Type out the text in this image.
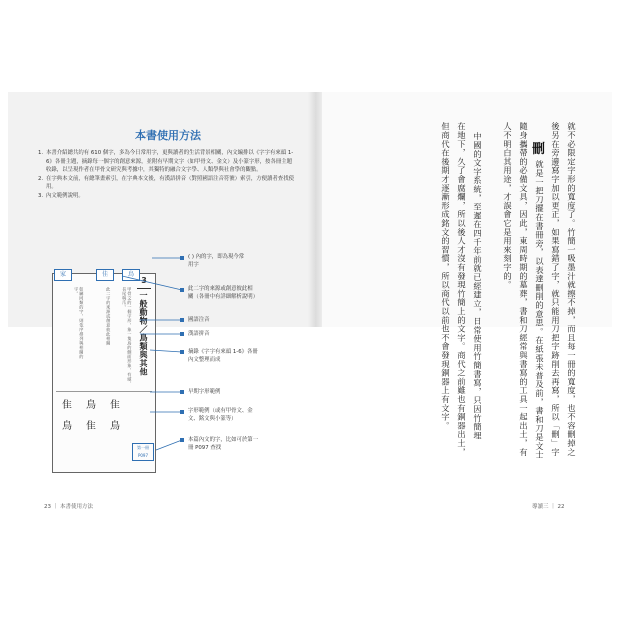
本書使用方法
1. 本書介紹總共約有 610 個字，多為今日常用字，更與讀者的生活背景相關，內文編排以《字字有來頭 1-6》各冊主題，摘錄每一個字的創意來源，並附有早期文字（如甲骨文、金文）及小篆字形，按各冊主題收錄，以呈現作者在甲骨文研究與考據中，其獨特的融合文字學、人類學與社會學的觀點。
2. 在字典本文前，有總筆畫索引，在字典本文後，有漢語拼音（對照國語注音符號）索引，方便讀者查找使用。
3. 內文範例說明。
家	佳	鳥
3
一般動物／鳥類與其他
甲骨文的一個字形，象一隻鳥的側面形象，有頭、長尾與爪。
此二字的來源或創意彼此相關
如屬同類的字，則依序排列與相關的字。
隹 鳥 隹
鳥 隹 鳥
第一冊 P097
( ) 內的字，即為現今常用字
此二字的來源或創意彼此相關（各冊中有詳細解析說明）
國語注音
漢語拼音
摘錄《字字有來頭 1-6》各冊內文整理而成
早期字形範例
字形範例（或有甲骨文、金文、銘文與小篆等）
本篇內文的字，比如可於第一冊 P097 查找
23 ｜ 本書使用方法
就不必限定字形的寬度了。竹簡一吸墨汁就擦不掉，而且每一冊的寬度，也不容刪掉之
後另在旁邊寫字加以更正，如果寫錯了字，就只能用刀把字跡削去再寫，所以「刪」字
就是一把刀擺在書冊旁，以表達刪削的意思。在紙張未普及前，書和刀是文士
刪
隨身攜帶的必備文具，因此，東周時期的墓葬，書和刀經常與書寫的工具一起出土，有
人不明白其用途，才誤會它是用來刻字的。
中國的文字系統，至遲在四千年前就已經建立，日常使用竹簡書寫，只因竹簡埋
在地下，久了會腐爛，所以後人才沒有發現竹簡上的文字。商代之前雖也有銅器出土，
但商代在後期才逐漸形成銘文的習慣，所以商代以前也不會發現銅器上有文字。
導讀三 ｜ 22
